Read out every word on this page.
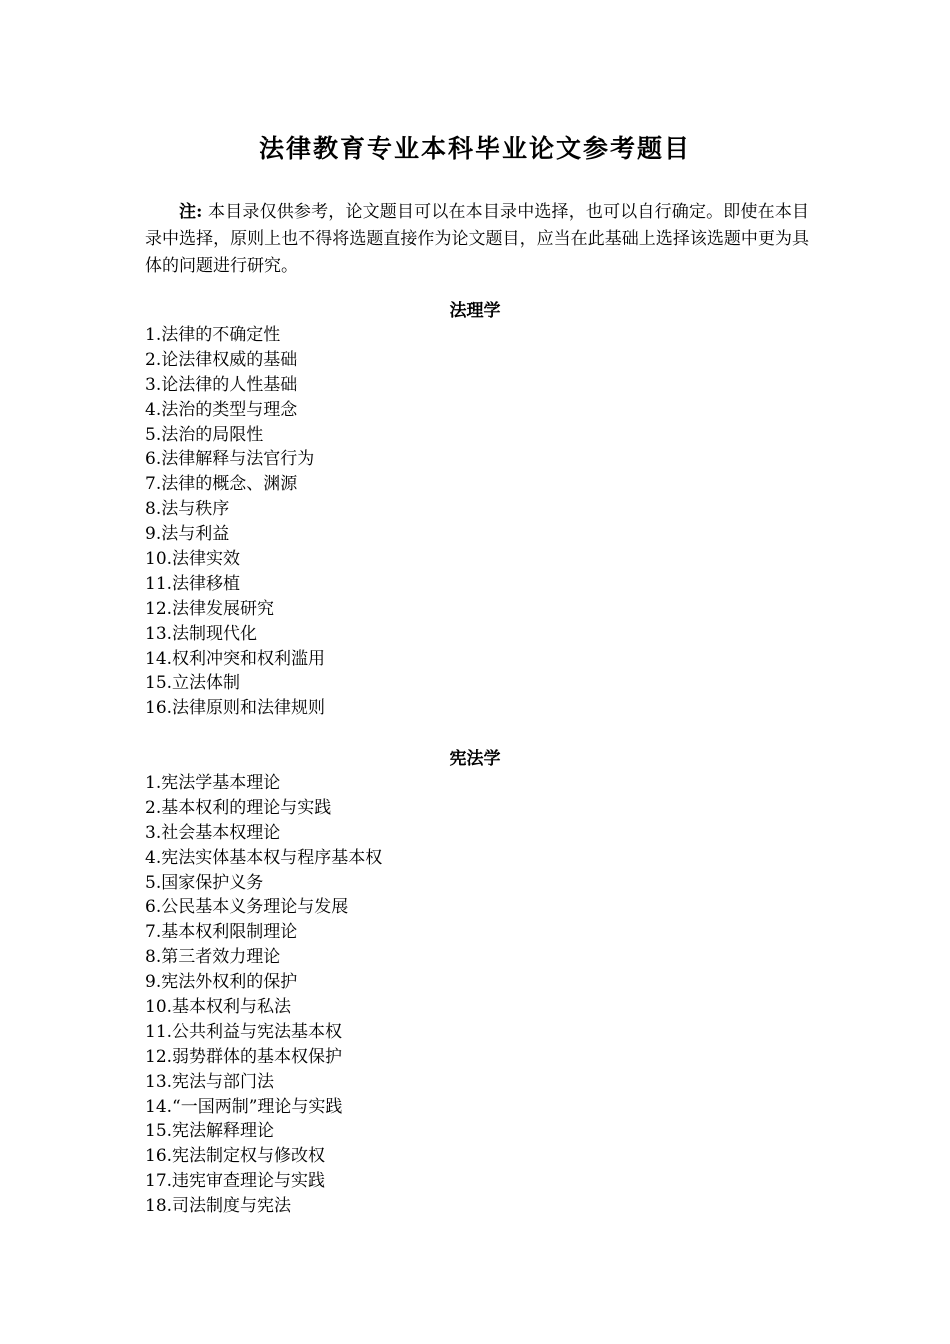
法律教育专业本科毕业论文参考题目

注: 本目录仅供参考，论文题目可以在本目录中选择，也可以自行确定。即使在本目录中选择，原则上也不得将选题直接作为论文题目，应当在此基础上选择该选题中更为具体的问题进行研究。

法理学
1.法律的不确定性
2.论法律权威的基础
3.论法律的人性基础
4.法治的类型与理念
5.法治的局限性
6.法律解释与法官行为
7.法律的概念、渊源
8.法与秩序
9.法与利益
10.法律实效
11.法律移植
12.法律发展研究
13.法制现代化
14.权利冲突和权利滥用
15.立法体制
16.法律原则和法律规则
宪法学
1.宪法学基本理论
2.基本权利的理论与实践
3.社会基本权理论
4.宪法实体基本权与程序基本权
5.国家保护义务
6.公民基本义务理论与发展
7.基本权利限制理论
8.第三者效力理论
9.宪法外权利的保护
10.基本权利与私法
11.公共利益与宪法基本权
12.弱势群体的基本权保护
13.宪法与部门法
14.“一国两制”理论与实践
15.宪法解释理论
16.宪法制定权与修改权
17.违宪审查理论与实践
18.司法制度与宪法
